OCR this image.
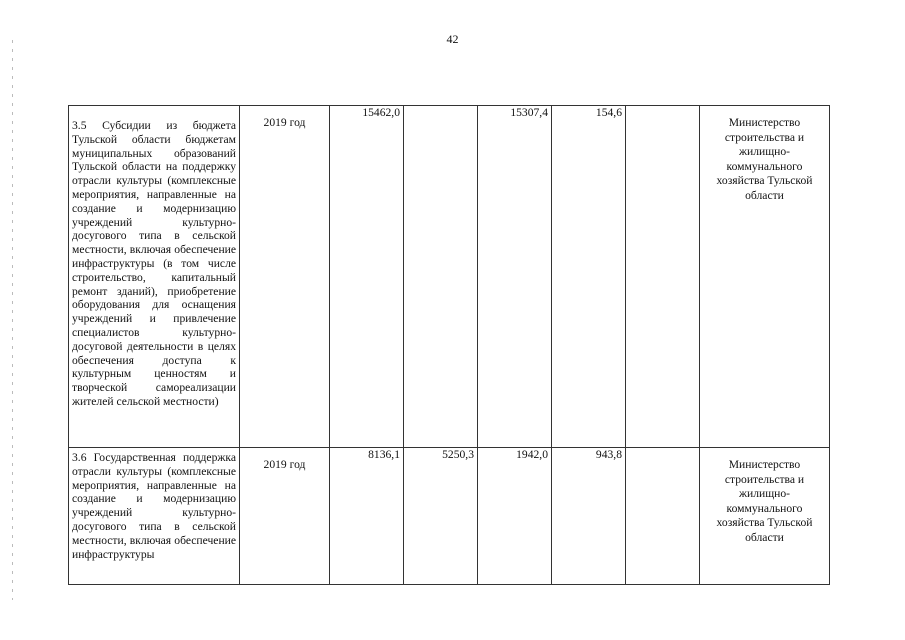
42
3.5 Субсидии из бюджета Тульской области бюджетам муниципальных образований Тульской области на поддержку отрасли культуры (комплексные мероприятия, направленные на создание и модернизацию учреждений культурно-досугового типа в сельской местности, включая обеспечение инфраструктуры (в том числе строительство, капитальный ремонт зданий), приобретение оборудования для оснащения учреждений и привлечение специалистов культурно-досуговой деятельности в целях обеспечения доступа к культурным ценностям и творческой самореализации жителей сельской местности)	2019 год	15462,0		15307,4	154,6		Министерство строительства и жилищно-коммунального хозяйства Тульской области

3.6 Государственная поддержка отрасли культуры (комплексные мероприятия, направленные на создание и модернизацию учреждений культурно-досугового типа в сельской местности, включая обеспечение инфраструктуры	2019 год	8136,1	5250,3	1942,0	943,8		Министерство строительства и жилищно-коммунального хозяйства Тульской области
